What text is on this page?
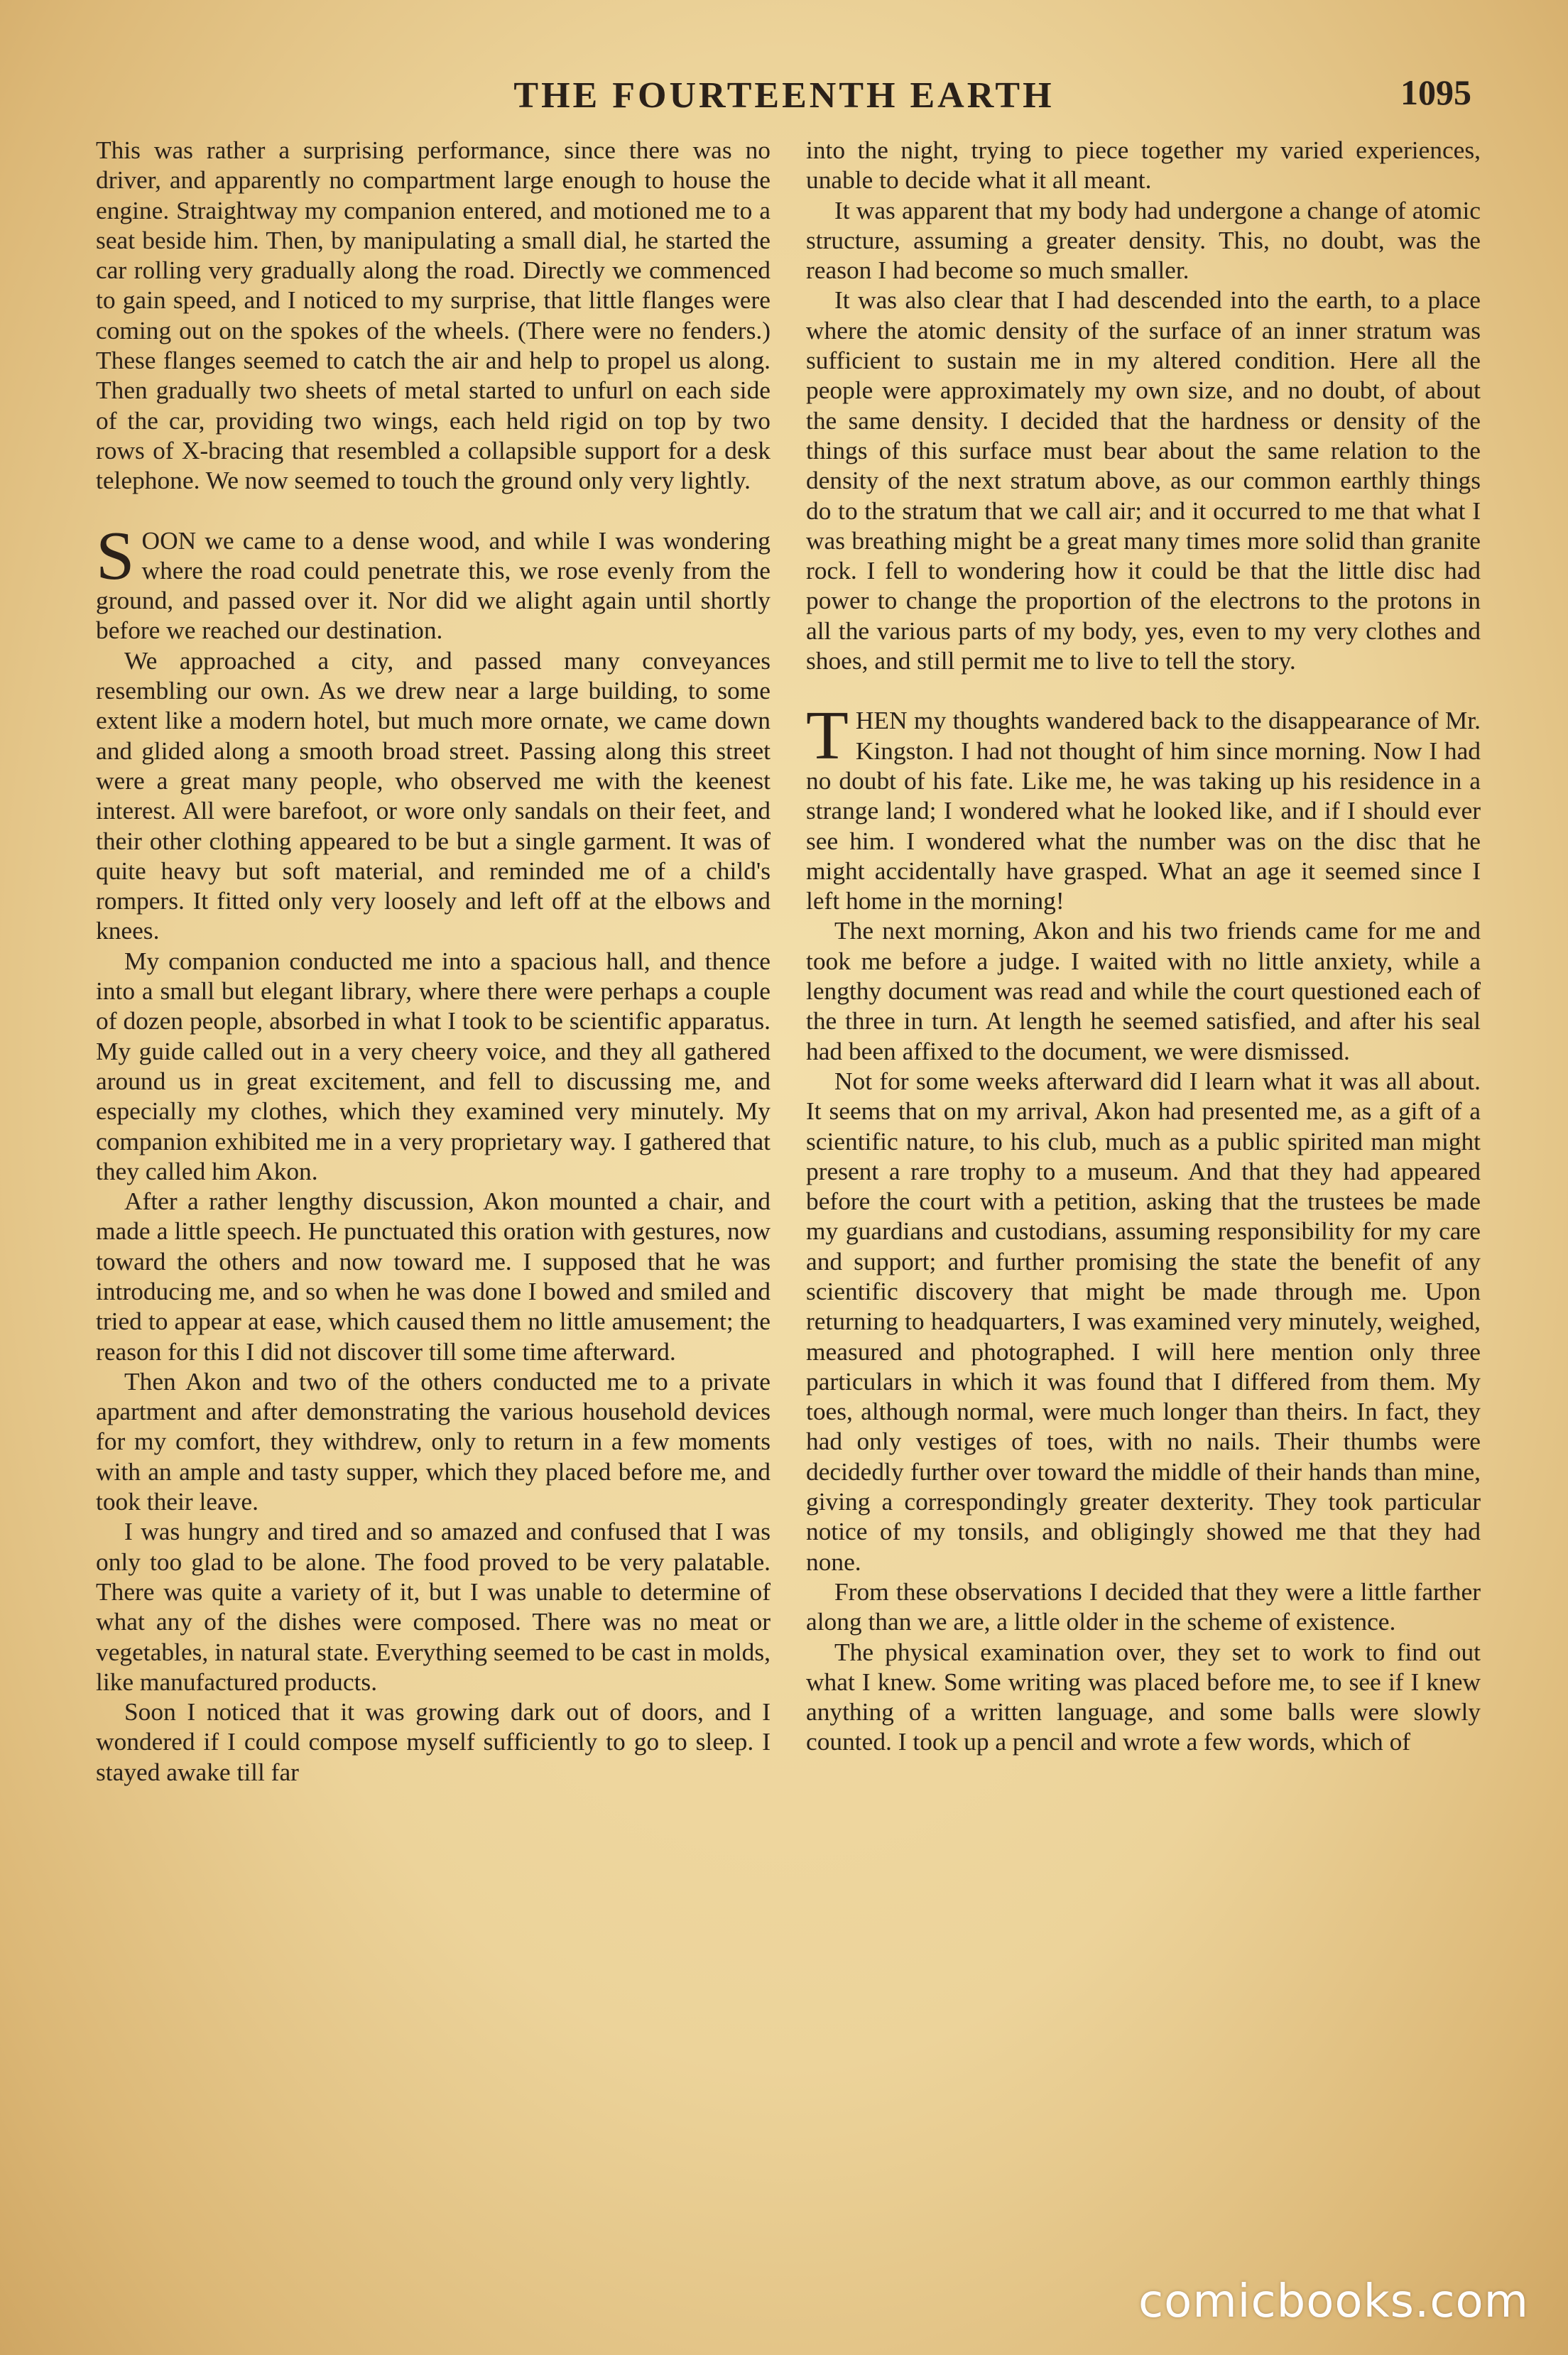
THE FOURTEENTH EARTH	1095

This was rather a surprising performance, since there was no driver, and apparently no compartment large enough to house the engine. Straightway my companion entered, and motioned me to a seat beside him. Then, by manipulating a small dial, he started the car rolling very gradually along the road. Directly we commenced to gain speed, and I noticed to my surprise, that little flanges were coming out on the spokes of the wheels. (There were no fenders.) These flanges seemed to catch the air and help to propel us along. Then gradually two sheets of metal started to unfurl on each side of the car, providing two wings, each held rigid on top by two rows of X-bracing that resembled a collapsible support for a desk telephone. We now seemed to touch the ground only very lightly.

SOON we came to a dense wood, and while I was wondering where the road could penetrate this, we rose evenly from the ground, and passed over it. Nor did we alight again until shortly before we reached our destination.

We approached a city, and passed many conveyances resembling our own. As we drew near a large building, to some extent like a modern hotel, but much more ornate, we came down and glided along a smooth broad street. Passing along this street were a great many people, who observed me with the keenest interest. All were barefoot, or wore only sandals on their feet, and their other clothing appeared to be but a single garment. It was of quite heavy but soft material, and reminded me of a child's rompers. It fitted only very loosely and left off at the elbows and knees.

My companion conducted me into a spacious hall, and thence into a small but elegant library, where there were perhaps a couple of dozen people, absorbed in what I took to be scientific apparatus. My guide called out in a very cheery voice, and they all gathered around us in great excitement, and fell to discussing me, and especially my clothes, which they examined very minutely. My companion exhibited me in a very proprietary way. I gathered that they called him Akon.

After a rather lengthy discussion, Akon mounted a chair, and made a little speech. He punctuated this oration with gestures, now toward the others and now toward me. I supposed that he was introducing me, and so when he was done I bowed and smiled and tried to appear at ease, which caused them no little amusement; the reason for this I did not discover till some time afterward.

Then Akon and two of the others conducted me to a private apartment and after demonstrating the various household devices for my comfort, they withdrew, only to return in a few moments with an ample and tasty supper, which they placed before me, and took their leave.

I was hungry and tired and so amazed and confused that I was only too glad to be alone. The food proved to be very palatable. There was quite a variety of it, but I was unable to determine of what any of the dishes were composed. There was no meat or vegetables, in natural state. Everything seemed to be cast in molds, like manufactured products.

Soon I noticed that it was growing dark out of doors, and I wondered if I could compose myself sufficiently to go to sleep. I stayed awake till far

into the night, trying to piece together my varied experiences, unable to decide what it all meant.

It was apparent that my body had undergone a change of atomic structure, assuming a greater density. This, no doubt, was the reason I had become so much smaller.

It was also clear that I had descended into the earth, to a place where the atomic density of the surface of an inner stratum was sufficient to sustain me in my altered condition. Here all the people were approximately my own size, and no doubt, of about the same density. I decided that the hardness or density of the things of this surface must bear about the same relation to the density of the next stratum above, as our common earthly things do to the stratum that we call air; and it occurred to me that what I was breathing might be a great many times more solid than granite rock. I fell to wondering how it could be that the little disc had power to change the proportion of the electrons to the protons in all the various parts of my body, yes, even to my very clothes and shoes, and still permit me to live to tell the story.

THEN my thoughts wandered back to the disappearance of Mr. Kingston. I had not thought of him since morning. Now I had no doubt of his fate. Like me, he was taking up his residence in a strange land; I wondered what he looked like, and if I should ever see him. I wondered what the number was on the disc that he might accidentally have grasped. What an age it seemed since I left home in the morning!

The next morning, Akon and his two friends came for me and took me before a judge. I waited with no little anxiety, while a lengthy document was read and while the court questioned each of the three in turn. At length he seemed satisfied, and after his seal had been affixed to the document, we were dismissed.

Not for some weeks afterward did I learn what it was all about. It seems that on my arrival, Akon had presented me, as a gift of a scientific nature, to his club, much as a public spirited man might present a rare trophy to a museum. And that they had appeared before the court with a petition, asking that the trustees be made my guardians and custodians, assuming responsibility for my care and support; and further promising the state the benefit of any scientific discovery that might be made through me. Upon returning to headquarters, I was examined very minutely, weighed, measured and photographed. I will here mention only three particulars in which it was found that I differed from them. My toes, although normal, were much longer than theirs. In fact, they had only vestiges of toes, with no nails. Their thumbs were decidedly further over toward the middle of their hands than mine, giving a correspondingly greater dexterity. They took particular notice of my tonsils, and obligingly showed me that they had none.

From these observations I decided that they were a little farther along than we are, a little older in the scheme of existence.

The physical examination over, they set to work to find out what I knew. Some writing was placed before me, to see if I knew anything of a written language, and some balls were slowly counted. I took up a pencil and wrote a few words, which of

comicbooks.com
